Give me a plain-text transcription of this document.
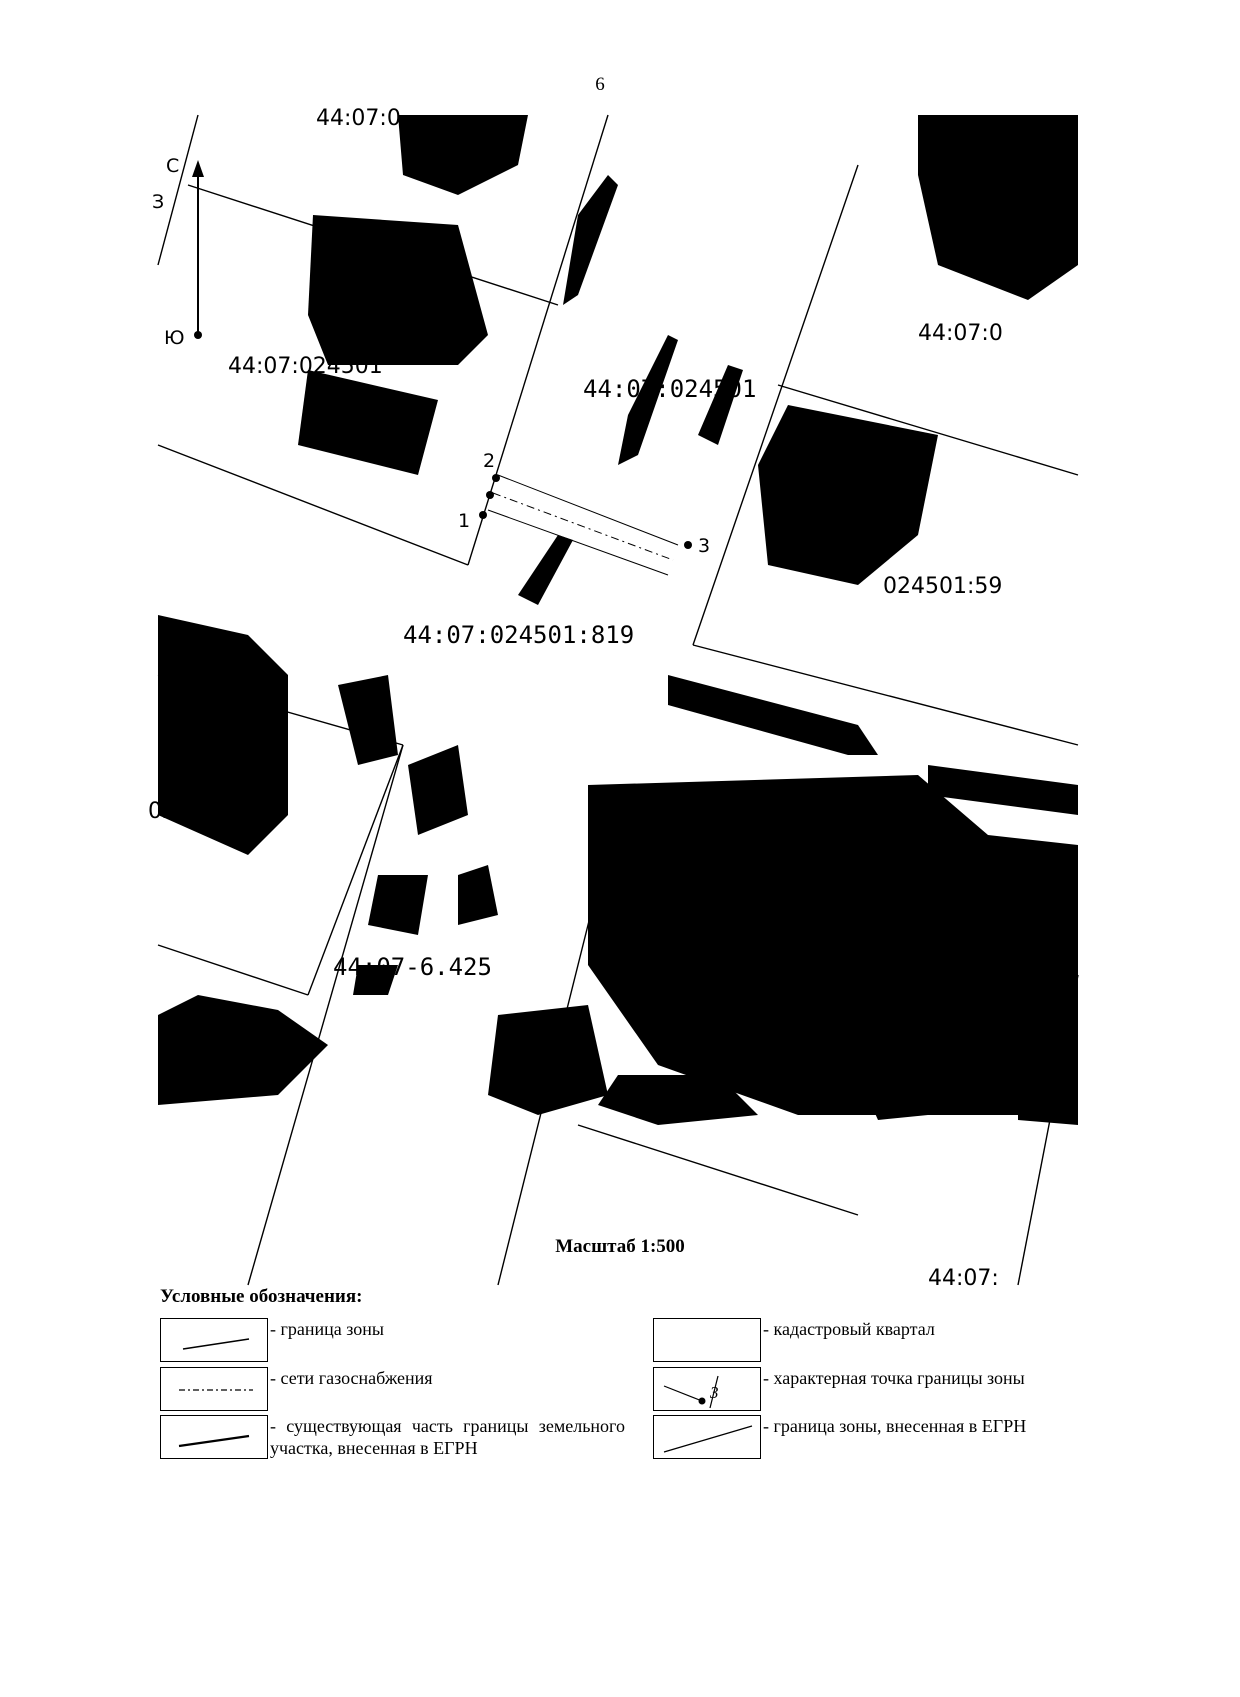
6
2
1
3
С
Ю
З
44:07:0
44:07:0
44:07:024501
44:07:024501
024501:59
44:07:024501:819
024501:642
44:07-6.425
07:024501:645
44:07:
Масштаб 1:500
Условные обозначения:
- граница зоны
- сети газоснабжения
- существующая часть границы земельного участка, внесенная в ЕГРН
- кадастровый квартал
3
- характерная точка границы зоны
- граница зоны, внесенная в ЕГРН
